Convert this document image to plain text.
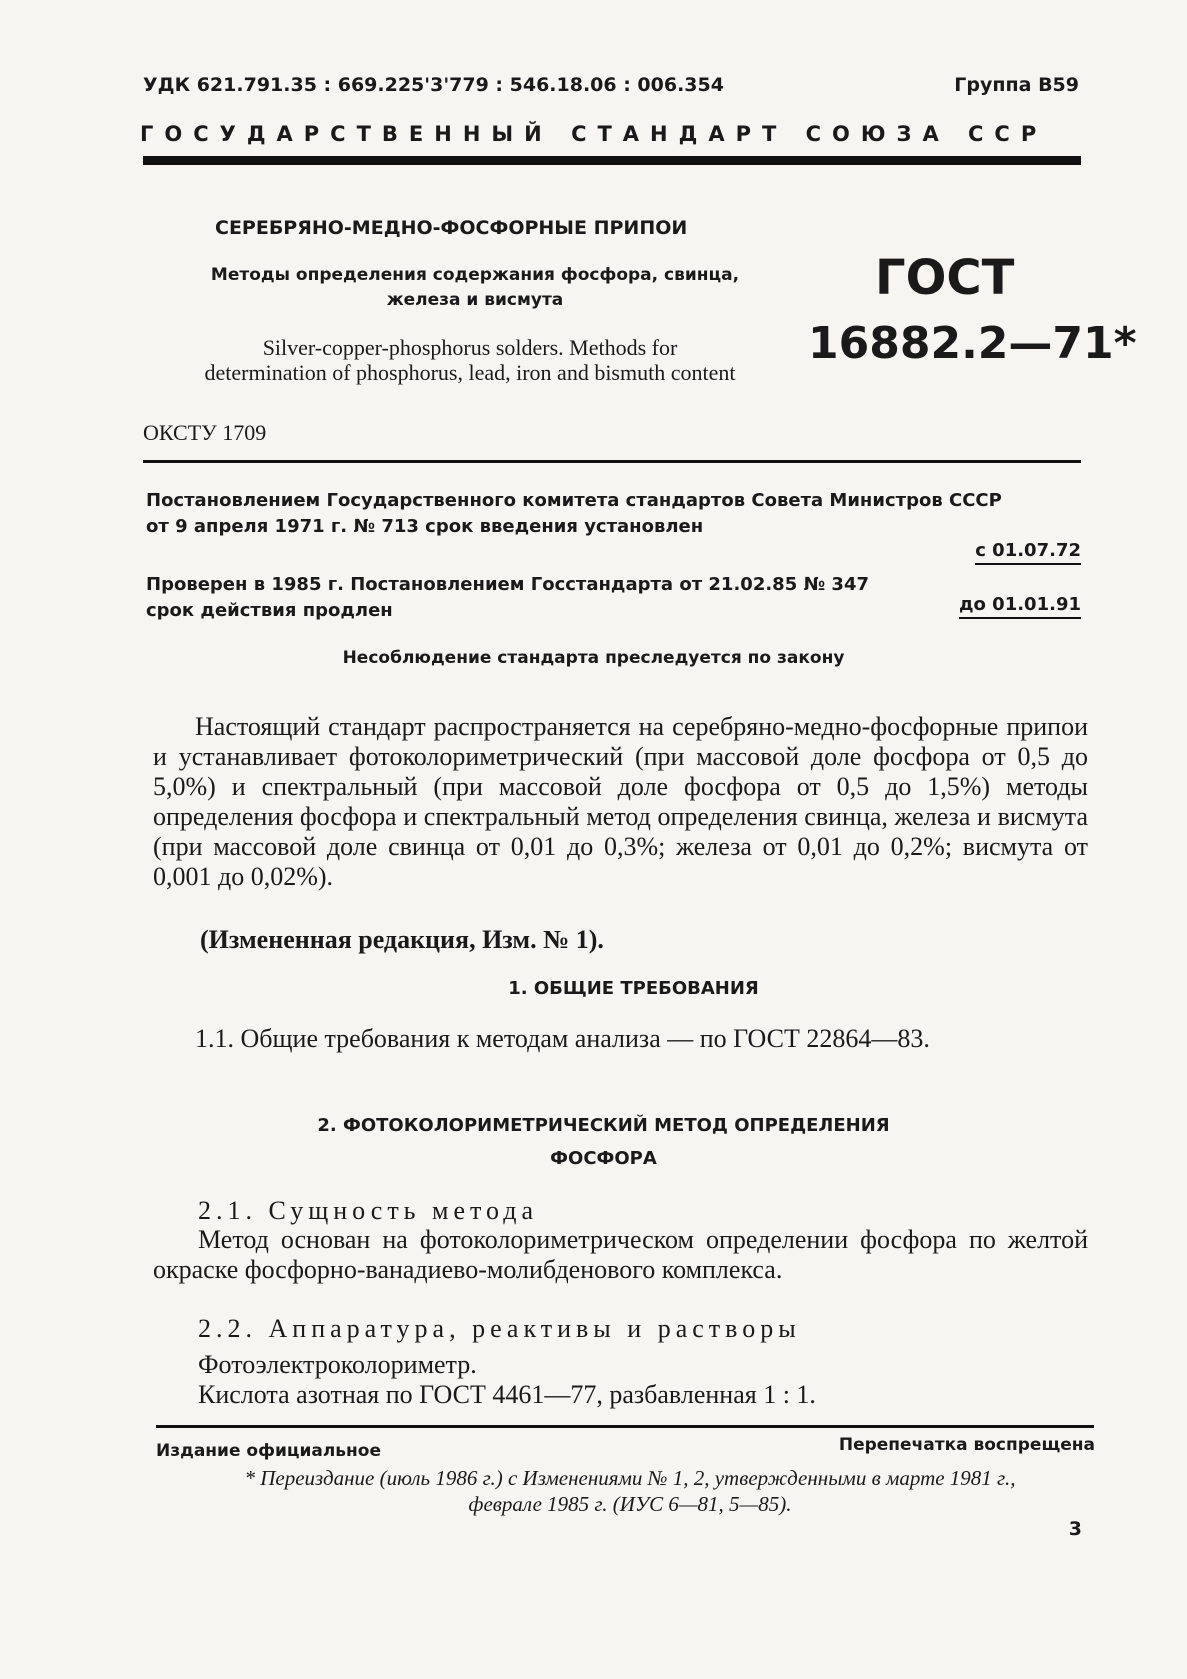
УДК 621.791.35 : 669.225'3'779 : 546.18.06 : 006.354	Группа В59
ГОСУДАРСТВЕННЫЙ СТАНДАРТ СОЮЗА ССР
СЕРЕБРЯНО-МЕДНО-ФОСФОРНЫЕ ПРИПОИ
Методы определения содержания фосфора, свинца, железа и висмута
Silver-copper-phosphorus solders. Methods for determination of phosphorus, lead, iron and bismuth content
ОКСТУ 1709
ГОСТ
16882.2—71*
Постановлением Государственного комитета стандартов Совета Министров СССР
от 9 апреля 1971 г. № 713 срок введения установлен
с 01.07.72
Проверен в 1985 г. Постановлением Госстандарта от 21.02.85 № 347
срок действия продлен	до 01.01.91
Несоблюдение стандарта преследуется по закону
Настоящий стандарт распространяется на серебряно-медно-фосфорные припои и устанавливает фотоколориметрический (при массовой доле фосфора от 0,5 до 5,0%) и спектральный (при массовой доле фосфора от 0,5 до 1,5%) методы определения фосфора и спектральный метод определения свинца, железа и висмута (при массовой доле свинца от 0,01 до 0,3%; железа от 0,01 до 0,2%; висмута от 0,001 до 0,02%).
(Измененная редакция, Изм. № 1).
1. ОБЩИЕ ТРЕБОВАНИЯ
1.1. Общие требования к методам анализа — по ГОСТ 22864—83.
2. ФОТОКОЛОРИМЕТРИЧЕСКИЙ МЕТОД ОПРЕДЕЛЕНИЯ
ФОСФОРА
2.1. Сущность метода
Метод основан на фотоколориметрическом определении фосфора по желтой окраске фосфорно-ванадиево-молибденового комплекса.
2.2. Аппаратура, реактивы и растворы
Фотоэлектроколориметр.
Кислота азотная по ГОСТ 4461—77, разбавленная 1 : 1.
Издание официальное	Перепечатка воспрещена
* Переиздание (июль 1986 г.) с Изменениями № 1, 2, утвержденными в марте 1981 г., феврале 1985 г. (ИУС 6—81, 5—85).
3
